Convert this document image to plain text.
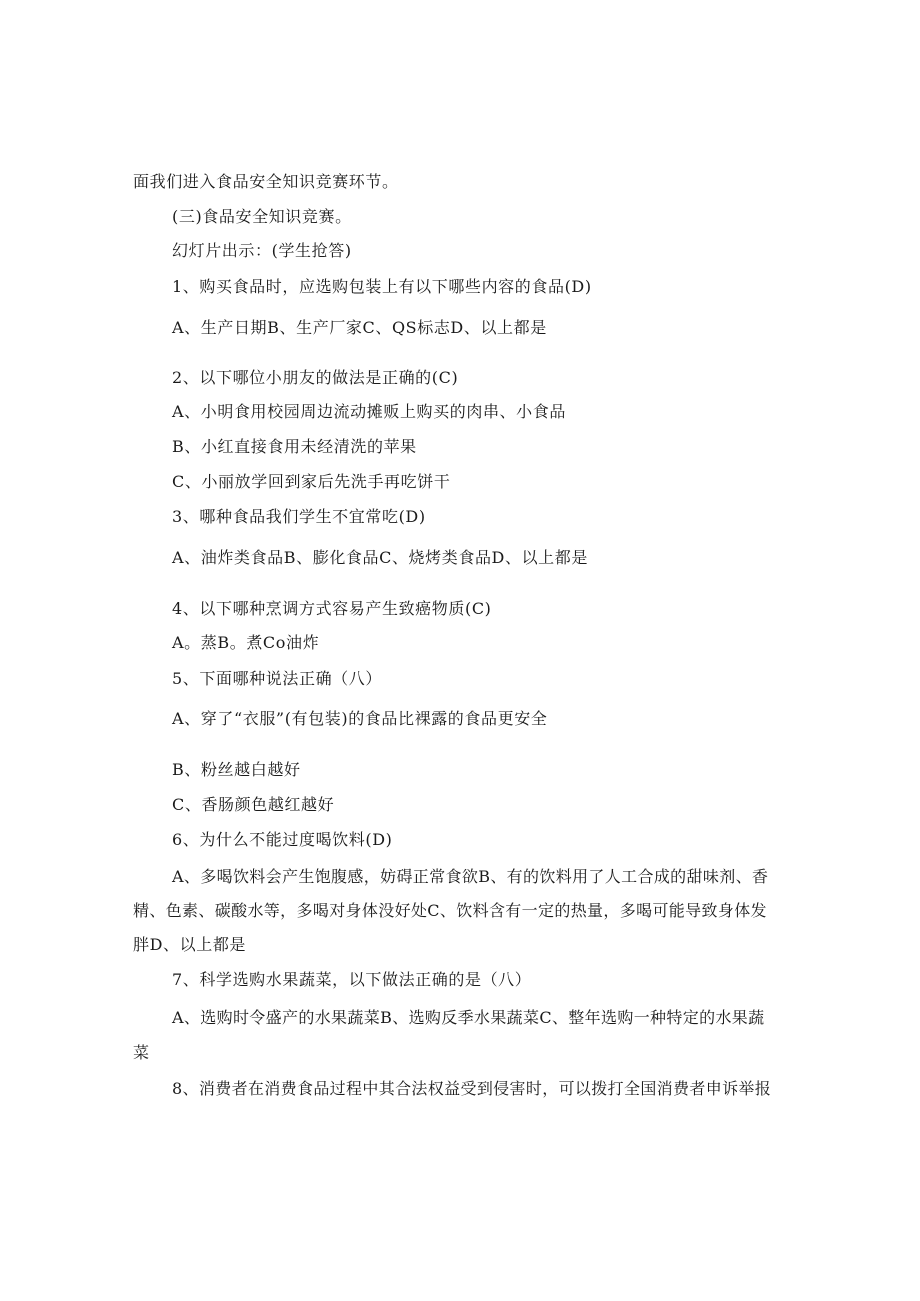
面我们进入食品安全知识竞赛环节。

(三)食品安全知识竞赛。

幻灯片出示：(学生抢答)

1、购买食品时，应选购包装上有以下哪些内容的食品(D)

A、生产日期B、生产厂家C、QS标志D、以上都是

2、以下哪位小朋友的做法是正确的(C)

A、小明食用校园周边流动摊贩上购买的肉串、小食品

B、小红直接食用未经清洗的苹果

C、小丽放学回到家后先洗手再吃饼干

3、哪种食品我们学生不宜常吃(D)

A、油炸类食品B、膨化食品C、烧烤类食品D、以上都是

4、以下哪种烹调方式容易产生致癌物质(C)

A。蒸B。煮Co油炸

5、下面哪种说法正确（八）

A、穿了“衣服”(有包装)的食品比裸露的食品更安全

B、粉丝越白越好

C、香肠颜色越红越好

6、为什么不能过度喝饮料(D)

A、多喝饮料会产生饱腹感，妨碍正常食欲B、有的饮料用了人工合成的甜味剂、香

精、色素、碳酸水等，多喝对身体没好处C、饮料含有一定的热量，多喝可能导致身体发

胖D、以上都是

7、科学选购水果蔬菜，以下做法正确的是（八）

A、选购时令盛产的水果蔬菜B、选购反季水果蔬菜C、整年选购一种特定的水果蔬

菜

8、消费者在消费食品过程中其合法权益受到侵害时，可以拨打全国消费者申诉举报
